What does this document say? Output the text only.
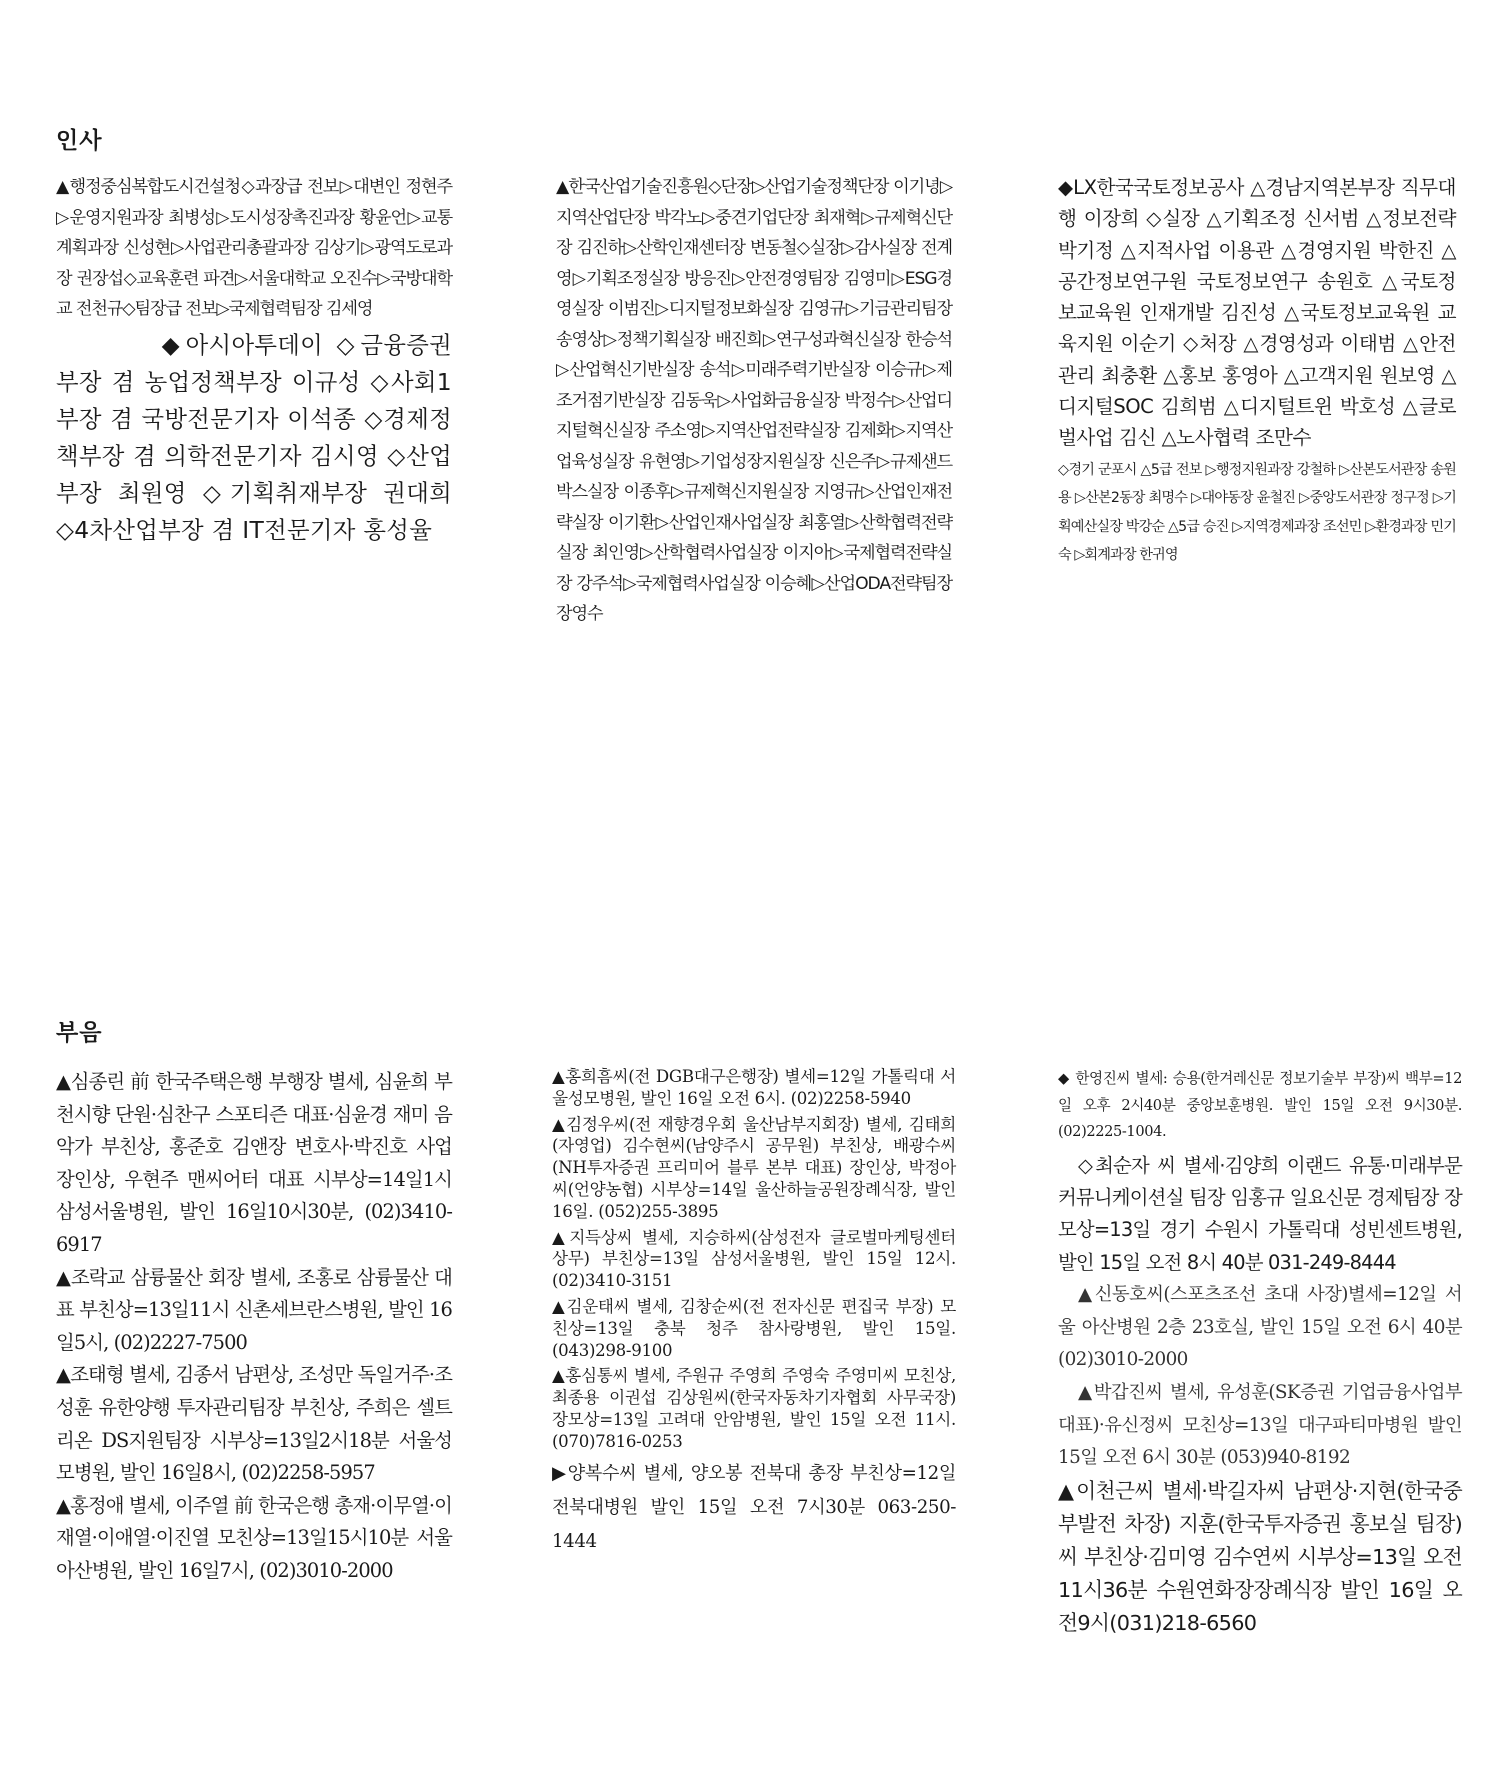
인사

▲행정중심복합도시건설청◇과장급 전보▷대변인 정현주▷운영지원과장 최병성▷도시성장촉진과장 황윤언▷교통계획과장 신성현▷사업관리총괄과장 김상기▷광역도로과장 권장섭◇교육훈련 파견▷서울대학교 오진수▷국방대학교 전천규◇팀장급 전보▷국제협력팀장 김세영

◆아시아투데이 ◇금융증권부장 겸 농업정책부장 이규성 ◇사회1부장 겸 국방전문기자 이석종 ◇경제정책부장 겸 의학전문기자 김시영 ◇산업부장 최원영 ◇기획취재부장 권대희 ◇4차산업부장 겸 IT전문기자 홍성율

▲한국산업기술진흥원◇단장▷산업기술정책단장 이기녕▷지역산업단장 박각노▷중견기업단장 최재혁▷규제혁신단장 김진하▷산학인재센터장 변동철◇실장▷감사실장 전계영▷기획조정실장 방응진▷안전경영팀장 김영미▷ESG경영실장 이범진▷디지털정보화실장 김영규▷기금관리팀장 송영상▷정책기획실장 배진희▷연구성과혁신실장 한승석▷산업혁신기반실장 송석▷미래주력기반실장 이승규▷제조거점기반실장 김동욱▷사업화금융실장 박정수▷산업디지털혁신실장 주소영▷지역산업전략실장 김제화▷지역산업육성실장 유현영▷기업성장지원실장 신은주▷규제샌드박스실장 이종후▷규제혁신지원실장 지영규▷산업인재전략실장 이기환▷산업인재사업실장 최홍열▷산학협력전략실장 최인영▷산학협력사업실장 이지아▷국제협력전략실장 강주석▷국제협력사업실장 이승혜▷산업ODA전략팀장 장영수

◆LX한국국토정보공사 △경남지역본부장 직무대행 이장희 ◇실장 △기획조정 신서범 △정보전략 박기정 △지적사업 이용관 △경영지원 박한진 △공간정보연구원 국토정보연구 송원호 △국토정보교육원 인재개발 김진성 △국토정보교육원 교육지원 이순기 ◇처장 △경영성과 이태범 △안전관리 최충환 △홍보 홍영아 △고객지원 원보영 △디지털SOC 김희범 △디지털트윈 박호성 △글로벌사업 김신 △노사협력 조만수

◇경기 군포시 △5급 전보 ▷행정지원과장 강철하 ▷산본도서관장 송원용 ▷산본2동장 최명수 ▷대야동장 윤철진 ▷중앙도서관장 정구정 ▷기획예산실장 박강순 △5급 승진 ▷지역경제과장 조선민 ▷환경과장 민기숙 ▷회계과장 한귀영

부음

▲심종린 前 한국주택은행 부행장 별세, 심윤희 부천시향 단원·심찬구 스포티즌 대표·심윤경 재미 음악가 부친상, 홍준호 김앤장 변호사·박진호 사업 장인상, 우현주 맨씨어터 대표 시부상=14일1시 삼성서울병원, 발인 16일10시30분, (02)3410-6917

▲조락교 삼륭물산 회장 별세, 조홍로 삼륭물산 대표 부친상=13일11시 신촌세브란스병원, 발인 16일5시, (02)2227-7500

▲조태형 별세, 김종서 남편상, 조성만 독일거주·조성훈 유한양행 투자관리팀장 부친상, 주희은 셀트리온 DS지원팀장 시부상=13일2시18분 서울성모병원, 발인 16일8시, (02)2258-5957

▲홍정애 별세, 이주열 前 한국은행 총재·이무열·이재열·이애열·이진열 모친상=13일15시10분 서울아산병원, 발인 16일7시, (02)3010-2000

▲홍희흠씨(전 DGB대구은행장) 별세=12일 가톨릭대 서울성모병원, 발인 16일 오전 6시. (02)2258-5940

▲김정우씨(전 재향경우회 울산남부지회장) 별세, 김태희(자영업) 김수현씨(남양주시 공무원) 부친상, 배광수씨(NH투자증권 프리미어 블루 본부 대표) 장인상, 박정아씨(언양농협) 시부상=14일 울산하늘공원장례식장, 발인 16일. (052)255-3895

▲지득상씨 별세, 지승하씨(삼성전자 글로벌마케팅센터 상무) 부친상=13일 삼성서울병원, 발인 15일 12시. (02)3410-3151

▲김운태씨 별세, 김창순씨(전 전자신문 편집국 부장) 모친상=13일 충북 청주 참사랑병원, 발인 15일. (043)298-9100

▲홍심통씨 별세, 주원규 주영희 주영숙 주영미씨 모친상, 최종용 이권섭 김상원씨(한국자동차기자협회 사무국장) 장모상=13일 고려대 안암병원, 발인 15일 오전 11시. (070)7816-0253

▶양복수씨 별세, 양오봉 전북대 총장 부친상=12일 전북대병원 발인 15일 오전 7시30분 063-250-1444

◆ 한영진씨 별세: 승용(한겨레신문 정보기술부 부장)씨 백부=12일 오후 2시40분 중앙보훈병원. 발인 15일 오전 9시30분. (02)2225-1004.

◇최순자 씨 별세·김양희 이랜드 유통·미래부문 커뮤니케이션실 팀장 임홍규 일요신문 경제팀장 장모상=13일 경기 수원시 가톨릭대 성빈센트병원, 발인 15일 오전 8시 40분 031-249-8444

▲신동호씨(스포츠조선 초대 사장)별세=12일 서울 아산병원 2층 23호실, 발인 15일 오전 6시 40분 (02)3010-2000

▲박갑진씨 별세, 유성훈(SK증권 기업금융사업부 대표)·유신정씨 모친상=13일 대구파티마병원 발인 15일 오전 6시 30분 (053)940-8192

▲이천근씨 별세·박길자씨 남편상·지현(한국중부발전 차장) 지훈(한국투자증권 홍보실 팀장)씨 부친상·김미영 김수연씨 시부상=13일 오전11시36분 수원연화장장례식장 발인 16일 오전9시(031)218-6560
